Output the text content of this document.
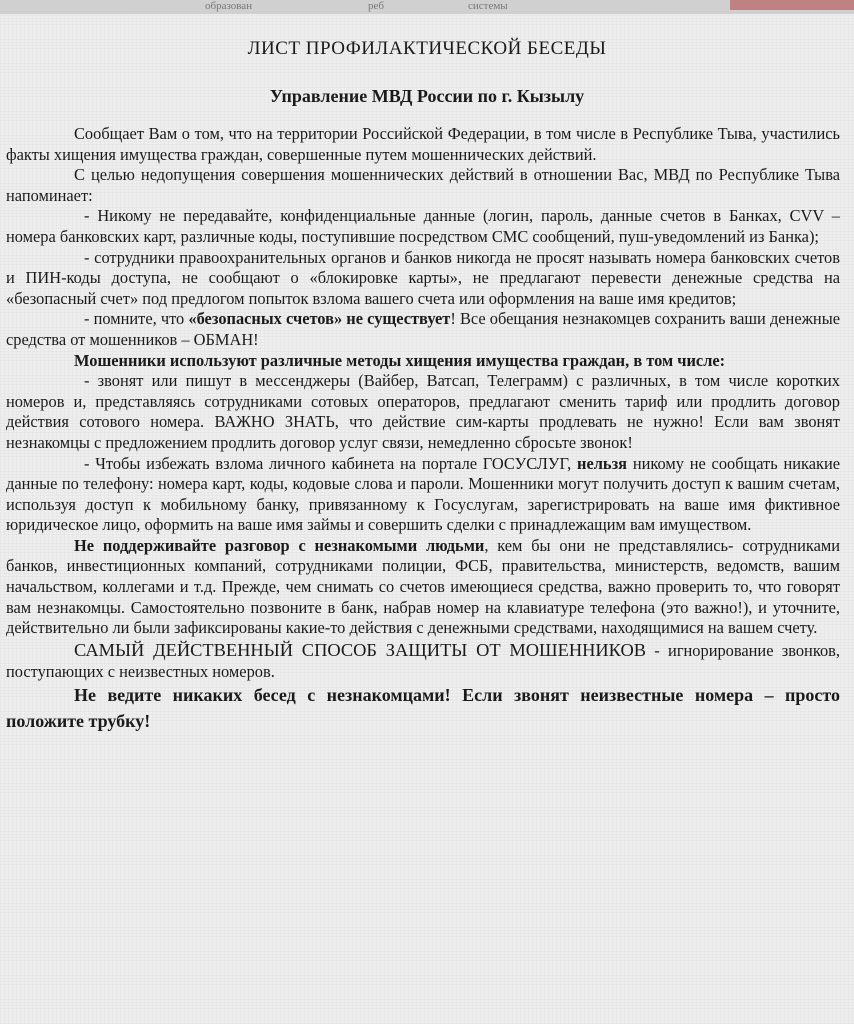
образован	реб	системы
ЛИСТ ПРОФИЛАКТИЧЕСКОЙ БЕСЕДЫ
Управление МВД России по г. Кызылу

Сообщает Вам о том, что на территории Российской Федерации, в том числе в Республике Тыва, участились факты хищения имущества граждан, совершенные путем мошеннических действий.

С целью недопущения совершения мошеннических действий в отношении Вас, МВД по Республике Тыва напоминает:

- Никому не передавайте, конфиденциальные данные (логин, пароль, данные счетов в Банках, CVV – номера банковских карт, различные коды, поступившие посредством СМС сообщений, пуш-уведомлений из Банка);

- сотрудники правоохранительных органов и банков никогда не просят называть номера банковских счетов и ПИН-коды доступа, не сообщают о «блокировке карты», не предлагают перевести денежные средства на «безопасный счет» под предлогом попыток взлома вашего счета или оформления на ваше имя кредитов;

- помните, что «безопасных счетов» не существует! Все обещания незнакомцев сохранить ваши денежные средства от мошенников – ОБМАН!

Мошенники используют различные методы хищения имущества граждан, в том числе:

- звонят или пишут в мессенджеры (Вайбер, Ватсап, Телеграмм) с различных, в том числе коротких номеров и, представляясь сотрудниками сотовых операторов, предлагают сменить тариф или продлить договор действия сотового номера. ВАЖНО ЗНАТЬ, что действие сим-карты продлевать не нужно! Если вам звонят незнакомцы с предложением продлить договор услуг связи, немедленно сбросьте звонок!

- Чтобы избежать взлома личного кабинета на портале ГОСУСЛУГ, нельзя никому не сообщать никакие данные по телефону: номера карт, коды, кодовые слова и пароли. Мошенники могут получить доступ к вашим счетам, используя доступ к мобильному банку, привязанному к Госуслугам, зарегистрировать на ваше имя фиктивное юридическое лицо, оформить на ваше имя займы и совершить сделки с принадлежащим вам имуществом.

Не поддерживайте разговор с незнакомыми людьми, кем бы они не представлялись- сотрудниками банков, инвестиционных компаний, сотрудниками полиции, ФСБ, правительства, министерств, ведомств, вашим начальством, коллегами и т.д. Прежде, чем снимать со счетов имеющиеся средства, важно проверить то, что говорят вам незнакомцы. Самостоятельно позвоните в банк, набрав номер на клавиатуре телефона (это важно!), и уточните, действительно ли были зафиксированы какие-то действия с денежными средствами, находящимися на вашем счету.

САМЫЙ ДЕЙСТВЕННЫЙ СПОСОБ ЗАЩИТЫ ОТ МОШЕННИКОВ - игнорирование звонков, поступающих с неизвестных номеров.

Не ведите никаких бесед с незнакомцами! Если звонят неизвестные номера – просто положите трубку!
